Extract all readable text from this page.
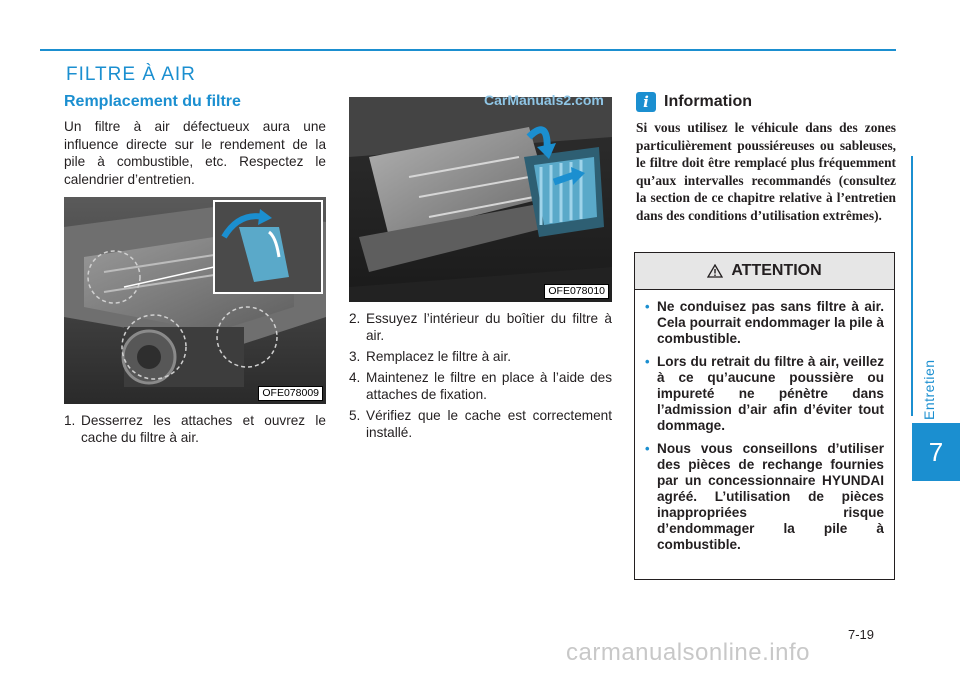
FILTRE À AIR
Entretien
7
Remplacement du filtre

Un filtre à air défectueux aura une influence directe sur le rendement de la pile à combustible, etc. Respectez le calendrier d’entretien.

OFE078009
1. Desserrez les attaches et ouvrez le cache du filtre à air.
OFE078010
CarManuals2.com
2. Essuyez l’intérieur du boîtier du filtre à air.
3. Remplacez le filtre à air.
4. Maintenez le filtre en place à l’aide des attaches de fixation.
5. Vérifiez que le cache est correctement installé.
i Information

Si vous utilisez le véhicule dans des zones particulièrement poussiéreuses ou sableuses, le filtre doit être remplacé plus fréquemment qu’aux intervalles recommandés (consultez la section de ce chapitre relative à l’entretien dans des conditions d’utilisation extrêmes).

ATTENTION
• Ne conduisez pas sans filtre à air. Cela pourrait endommager la pile à combustible.
• Lors du retrait du filtre à air, veillez à ce qu’aucune poussière ou impureté ne pénètre dans l’admission d’air afin d’éviter tout dommage.
• Nous vous conseillons d’utiliser des pièces de rechange fournies par un concessionnaire HYUNDAI agréé. L’utilisation de pièces inappropriées risque d’endommager la pile à combustible.
7-19
carmanualsonline.info
